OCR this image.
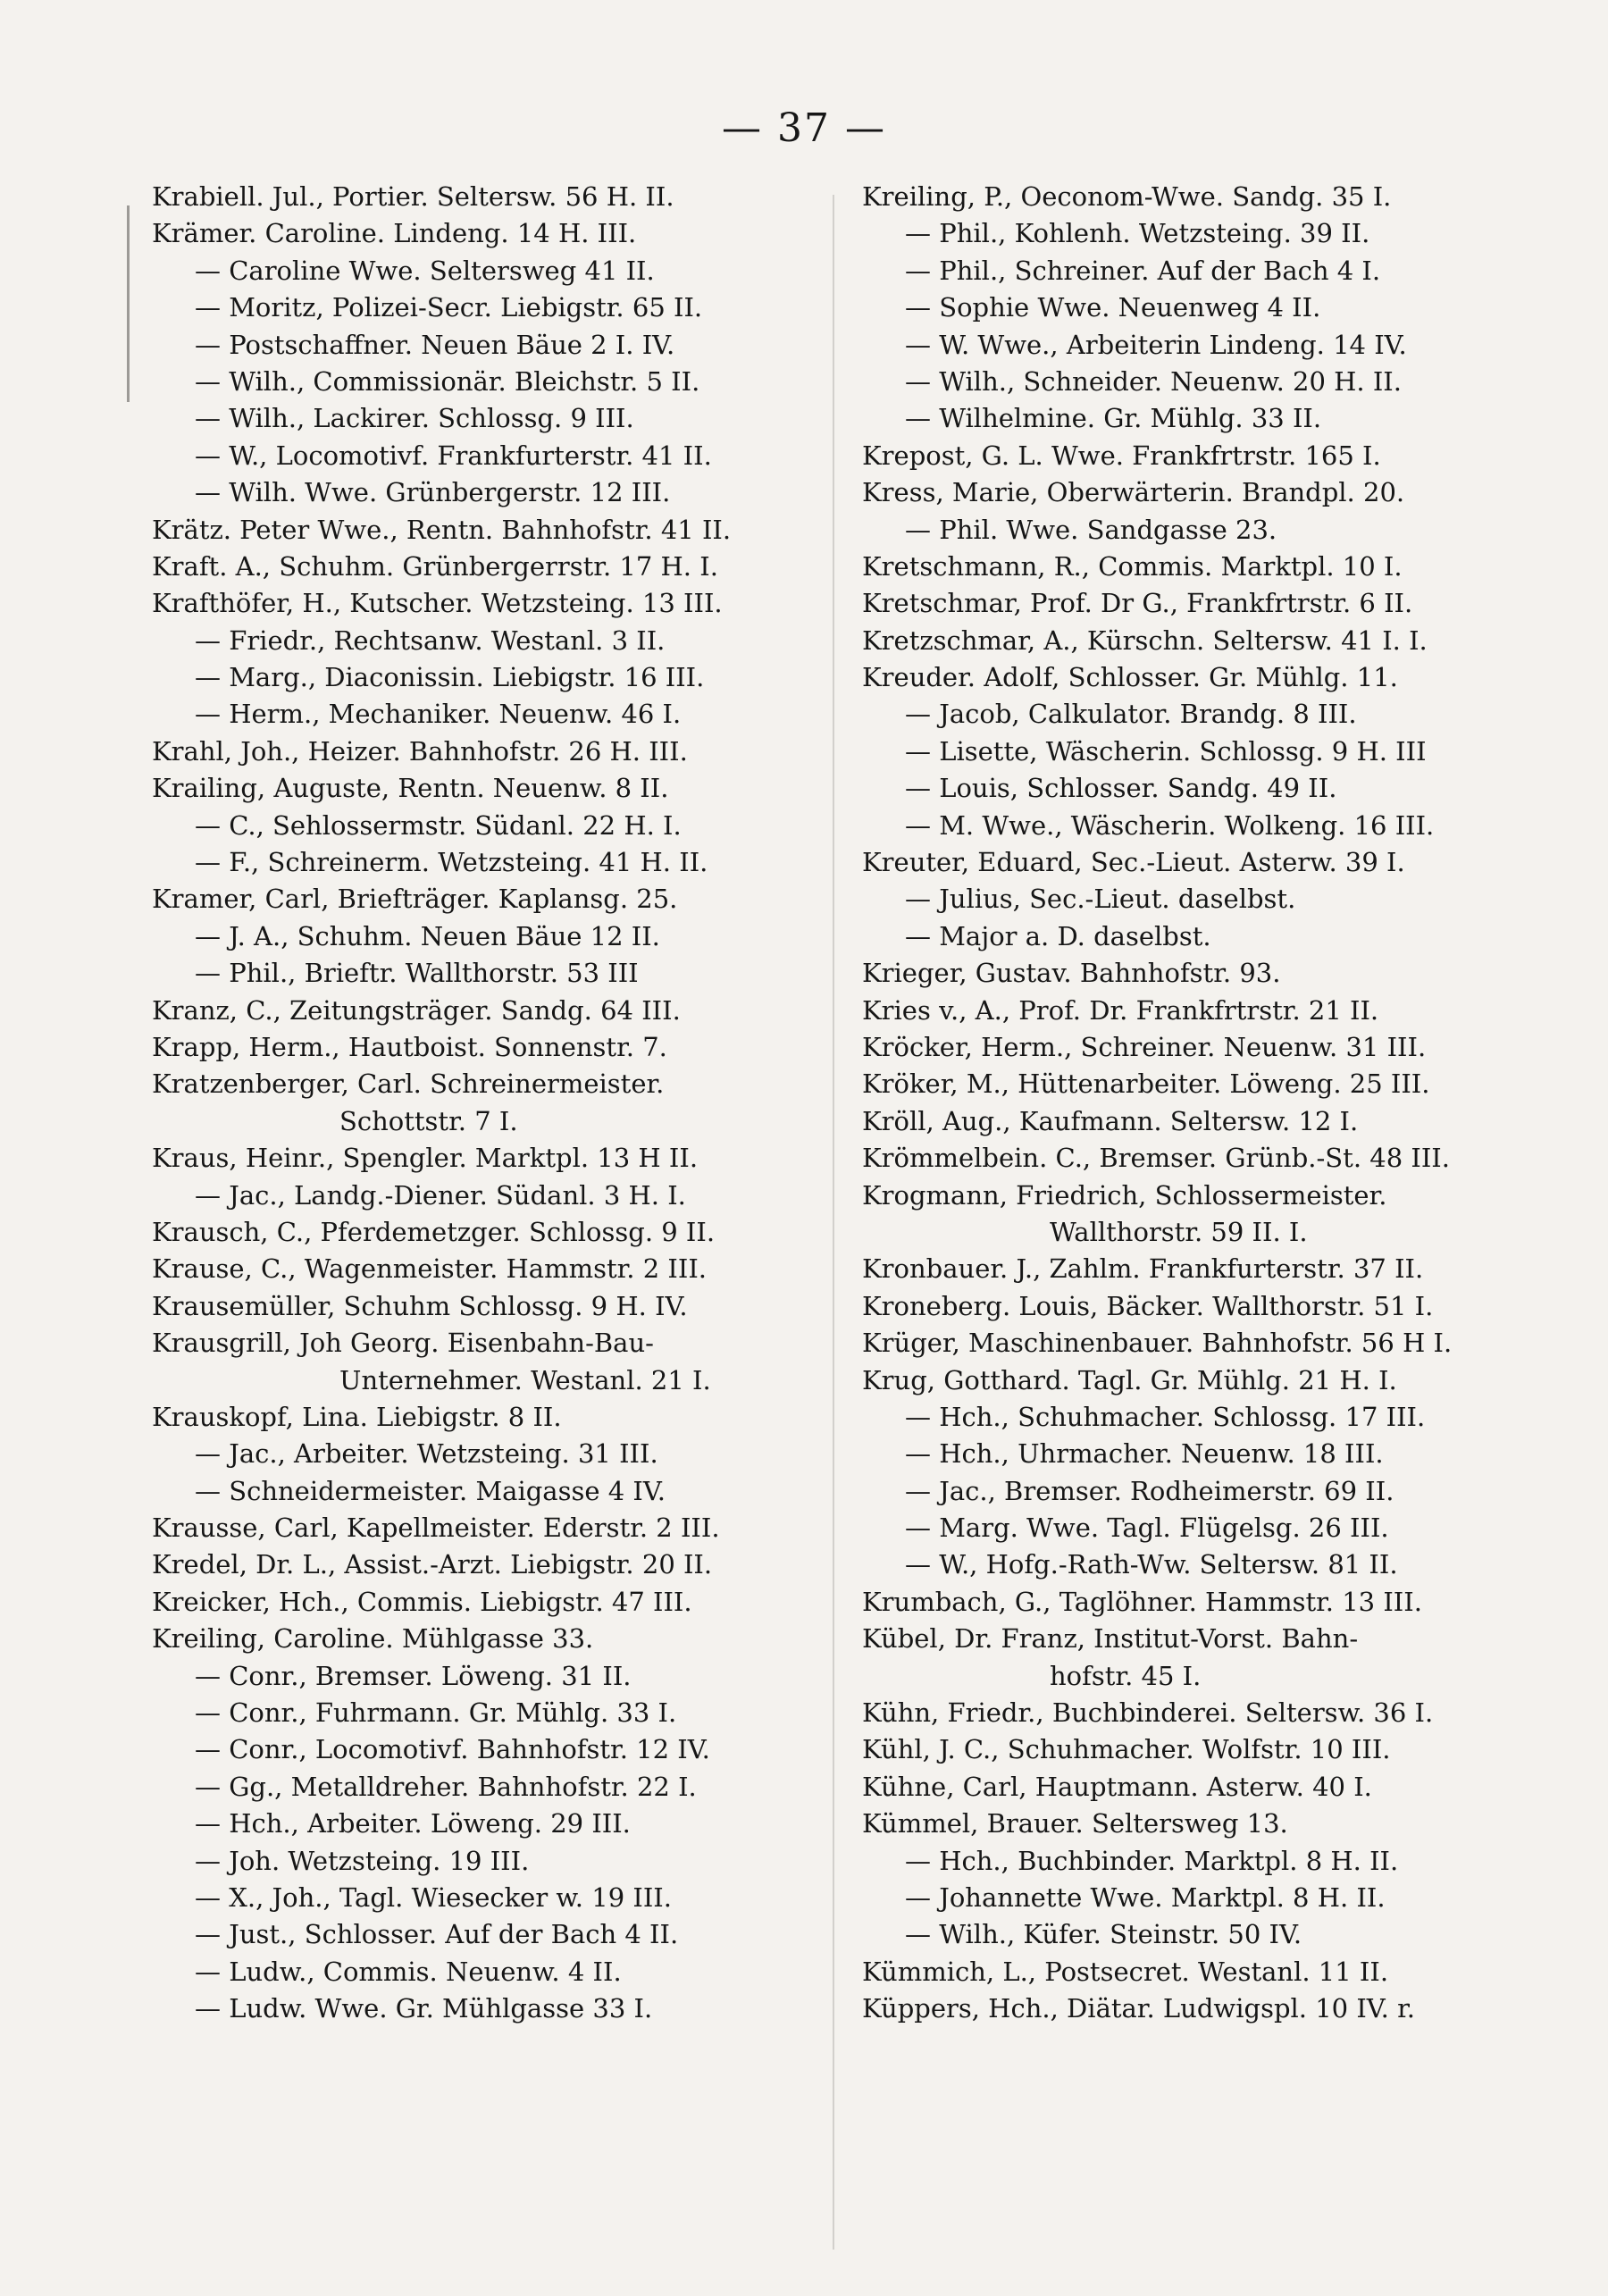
— 37 —
Krabiell. Jul., Portier. Seltersw. 56 H. II.
Krämer. Caroline. Lindeng. 14 H. III.
— Caroline Wwe. Seltersweg 41 II.
— Moritz, Polizei-Secr. Liebigstr. 65 II.
— Postschaffner. Neuen Bäue 2 I. IV.
— Wilh., Commissionär. Bleichstr. 5 II.
— Wilh., Lackirer. Schlossg. 9 III.
— W., Locomotivf. Frankfurterstr. 41 II.
— Wilh. Wwe. Grünbergerstr. 12 III.
Krätz. Peter Wwe., Rentn. Bahnhofstr. 41 II.
Kraft. A., Schuhm. Grünbergerrstr. 17 H. I.
Krafthöfer, H., Kutscher. Wetzsteing. 13 III.
— Friedr., Rechtsanw. Westanl. 3 II.
— Marg., Diaconissin. Liebigstr. 16 III.
— Herm., Mechaniker. Neuenw. 46 I.
Krahl, Joh., Heizer. Bahnhofstr. 26 H. III.
Krailing, Auguste, Rentn. Neuenw. 8 II.
— C., Sehlossermstr. Südanl. 22 H. I.
— F., Schreinerm. Wetzsteing. 41 H. II.
Kramer, Carl, Briefträger. Kaplansg. 25.
— J. A., Schuhm. Neuen Bäue 12 II.
— Phil., Brieftr. Wallthorstr. 53 III
Kranz, C., Zeitungsträger. Sandg. 64 III.
Krapp, Herm., Hautboist. Sonnenstr. 7.
Kratzenberger, Carl. Schreinermeister.
Schottstr. 7 I.
Kraus, Heinr., Spengler. Marktpl. 13 H II.
— Jac., Landg.-Diener. Südanl. 3 H. I.
Krausch, C., Pferdemetzger. Schlossg. 9 II.
Krause, C., Wagenmeister. Hammstr. 2 III.
Krausemüller, Schuhm Schlossg. 9 H. IV.
Krausgrill, Joh Georg. Eisenbahn-Bau-
Unternehmer. Westanl. 21 I.
Krauskopf, Lina. Liebigstr. 8 II.
— Jac., Arbeiter. Wetzsteing. 31 III.
— Schneidermeister. Maigasse 4 IV.
Krausse, Carl, Kapellmeister. Ederstr. 2 III.
Kredel, Dr. L., Assist.-Arzt. Liebigstr. 20 II.
Kreicker, Hch., Commis. Liebigstr. 47 III.
Kreiling, Caroline. Mühlgasse 33.
— Conr., Bremser. Löweng. 31 II.
— Conr., Fuhrmann. Gr. Mühlg. 33 I.
— Conr., Locomotivf. Bahnhofstr. 12 IV.
— Gg., Metalldreher. Bahnhofstr. 22 I.
— Hch., Arbeiter. Löweng. 29 III.
— Joh. Wetzsteing. 19 III.
— X., Joh., Tagl. Wiesecker w. 19 III.
— Just., Schlosser. Auf der Bach 4 II.
— Ludw., Commis. Neuenw. 4 II.
— Ludw. Wwe. Gr. Mühlgasse 33 I.
Kreiling, P., Oeconom-Wwe. Sandg. 35 I.
— Phil., Kohlenh. Wetzsteing. 39 II.
— Phil., Schreiner. Auf der Bach 4 I.
— Sophie Wwe. Neuenweg 4 II.
— W. Wwe., Arbeiterin Lindeng. 14 IV.
— Wilh., Schneider. Neuenw. 20 H. II.
— Wilhelmine. Gr. Mühlg. 33 II.
Krepost, G. L. Wwe. Frankfrtrstr. 165 I.
Kress, Marie, Oberwärterin. Brandpl. 20.
— Phil. Wwe. Sandgasse 23.
Kretschmann, R., Commis. Marktpl. 10 I.
Kretschmar, Prof. Dr G., Frankfrtrstr. 6 II.
Kretzschmar, A., Kürschn. Seltersw. 41 I. I.
Kreuder. Adolf, Schlosser. Gr. Mühlg. 11.
— Jacob, Calkulator. Brandg. 8 III.
— Lisette, Wäscherin. Schlossg. 9 H. III
— Louis, Schlosser. Sandg. 49 II.
— M. Wwe., Wäscherin. Wolkeng. 16 III.
Kreuter, Eduard, Sec.-Lieut. Asterw. 39 I.
— Julius, Sec.-Lieut. daselbst.
— Major a. D. daselbst.
Krieger, Gustav. Bahnhofstr. 93.
Kries v., A., Prof. Dr. Frankfrtrstr. 21 II.
Kröcker, Herm., Schreiner. Neuenw. 31 III.
Kröker, M., Hüttenarbeiter. Löweng. 25 III.
Kröll, Aug., Kaufmann. Seltersw. 12 I.
Krömmelbein. C., Bremser. Grünb.-St. 48 III.
Krogmann, Friedrich, Schlossermeister.
Wallthorstr. 59 II. I.
Kronbauer. J., Zahlm. Frankfurterstr. 37 II.
Kroneberg. Louis, Bäcker. Wallthorstr. 51 I.
Krüger, Maschinenbauer. Bahnhofstr. 56 H I.
Krug, Gotthard. Tagl. Gr. Mühlg. 21 H. I.
— Hch., Schuhmacher. Schlossg. 17 III.
— Hch., Uhrmacher. Neuenw. 18 III.
— Jac., Bremser. Rodheimerstr. 69 II.
— Marg. Wwe. Tagl. Flügelsg. 26 III.
— W., Hofg.-Rath-Ww. Seltersw. 81 II.
Krumbach, G., Taglöhner. Hammstr. 13 III.
Kübel, Dr. Franz, Institut-Vorst. Bahn-
hofstr. 45 I.
Kühn, Friedr., Buchbinderei. Seltersw. 36 I.
Kühl, J. C., Schuhmacher. Wolfstr. 10 III.
Kühne, Carl, Hauptmann. Asterw. 40 I.
Kümmel, Brauer. Seltersweg 13.
— Hch., Buchbinder. Marktpl. 8 H. II.
— Johannette Wwe. Marktpl. 8 H. II.
— Wilh., Küfer. Steinstr. 50 IV.
Kümmich, L., Postsecret. Westanl. 11 II.
Küppers, Hch., Diätar. Ludwigspl. 10 IV. r.
